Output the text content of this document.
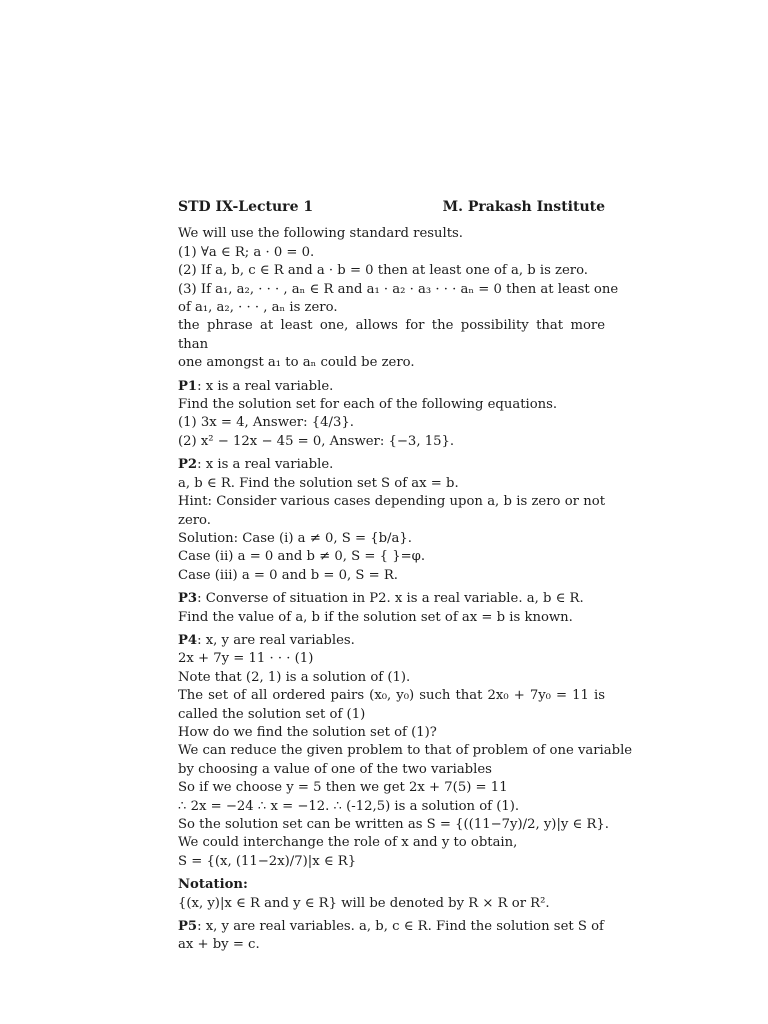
STD IX-Lecture 1	M. Prakash Institute
We will use the following standard results.
(1) ∀a ∈ R; a · 0 = 0.
(2) If a, b, c ∈ R and a · b = 0 then at least one of a, b is zero.
(3) If a₁, a₂, · · · , aₙ ∈ R and a₁ · a₂ · a₃ · · · aₙ = 0 then at least one
of a₁, a₂, · · · , aₙ is zero.
the phrase at least one, allows for the possibility that more than
one amongst a₁ to aₙ could be zero.
P1: x is a real variable.
Find the solution set for each of the following equations.
(1) 3x = 4, Answer: {4/3}.
(2) x² − 12x − 45 = 0, Answer: {−3, 15}.
P2: x is a real variable.
a, b ∈ R. Find the solution set S of ax = b.
Hint: Consider various cases depending upon a, b is zero or not
zero.
Solution: Case (i) a ≠ 0, S = {b/a}.
Case (ii) a = 0 and b ≠ 0, S = { }=φ.
Case (iii) a = 0 and b = 0, S = R.
P3: Converse of situation in P2. x is a real variable. a, b ∈ R.
Find the value of a, b if the solution set of ax = b is known.
P4: x, y are real variables.
2x + 7y = 11 · · · (1)
Note that (2, 1) is a solution of (1).
The set of all ordered pairs (x₀, y₀) such that 2x₀ + 7y₀ = 11 is
called the solution set of (1)
How do we find the solution set of (1)?
We can reduce the given problem to that of problem of one variable
by choosing a value of one of the two variables
So if we choose y = 5 then we get 2x + 7(5) = 11
∴ 2x = −24 ∴ x = −12. ∴ (-12,5) is a solution of (1).
So the solution set can be written as S = {((11−7y)/2, y)|y ∈ R}.
We could interchange the role of x and y to obtain,
S = {(x, (11−2x)/7)|x ∈ R}
Notation:
{(x, y)|x ∈ R and y ∈ R} will be denoted by R × R or R².
P5: x, y are real variables. a, b, c ∈ R. Find the solution set S of
ax + by = c.
